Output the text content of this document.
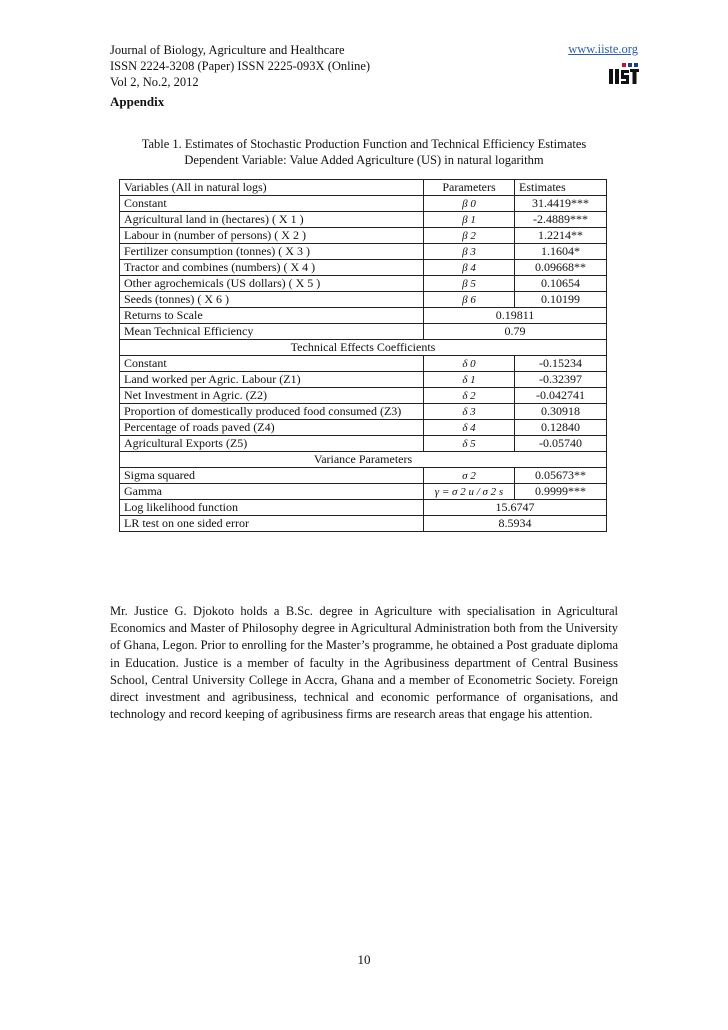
Journal of Biology, Agriculture and Healthcare
ISSN 2224-3208 (Paper) ISSN 2225-093X (Online)
Vol 2, No.2, 2012
www.iiste.org
Appendix
Table 1. Estimates of Stochastic Production Function and Technical Efficiency Estimates
Dependent Variable: Value Added Agriculture (US) in natural logarithm
Variables (All in natural logs)	Parameters	Estimates
Constant	β 0	31.4419***
Agricultural land in (hectares) ( X 1 )	β 1	-2.4889***
Labour in (number of persons) ( X 2 )	β 2	1.2214**
Fertilizer consumption (tonnes) ( X 3 )	β 3	1.1604*
Tractor and combines (numbers) ( X 4 )	β 4	0.09668**
Other agrochemicals (US dollars) ( X 5 )	β 5	0.10654
Seeds (tonnes) ( X 6 )	β 6	0.10199
Returns to Scale	0.19811	
Mean Technical Efficiency	0.79	
Technical Effects Coefficients		
Constant	δ 0	-0.15234
Land worked per Agric. Labour (Z1)	δ 1	-0.32397
Net Investment in Agric. (Z2)	δ 2	-0.042741
Proportion of domestically produced food consumed (Z3)	δ 3	0.30918
Percentage of roads paved (Z4)	δ 4	0.12840
Agricultural Exports (Z5)	δ 5	-0.05740
Variance Parameters		
Sigma squared	σ 2	0.05673**
Gamma	γ = σ 2 u / σ 2 s	0.9999***
Log likelihood function	15.6747	
LR test on one sided error	8.5934	
Mr. Justice G. Djokoto holds a B.Sc. degree in Agriculture with specialisation in Agricultural Economics and Master of Philosophy degree in Agricultural Administration both from the University of Ghana, Legon. Prior to enrolling for the Master’s programme, he obtained a Post graduate diploma in Education. Justice is a member of faculty in the Agribusiness department of Central Business School, Central University College in Accra, Ghana and a member of Econometric Society. Foreign direct investment and agribusiness, technical and economic performance of organisations, and technology and record keeping of agribusiness firms are research areas that engage his attention.
10
